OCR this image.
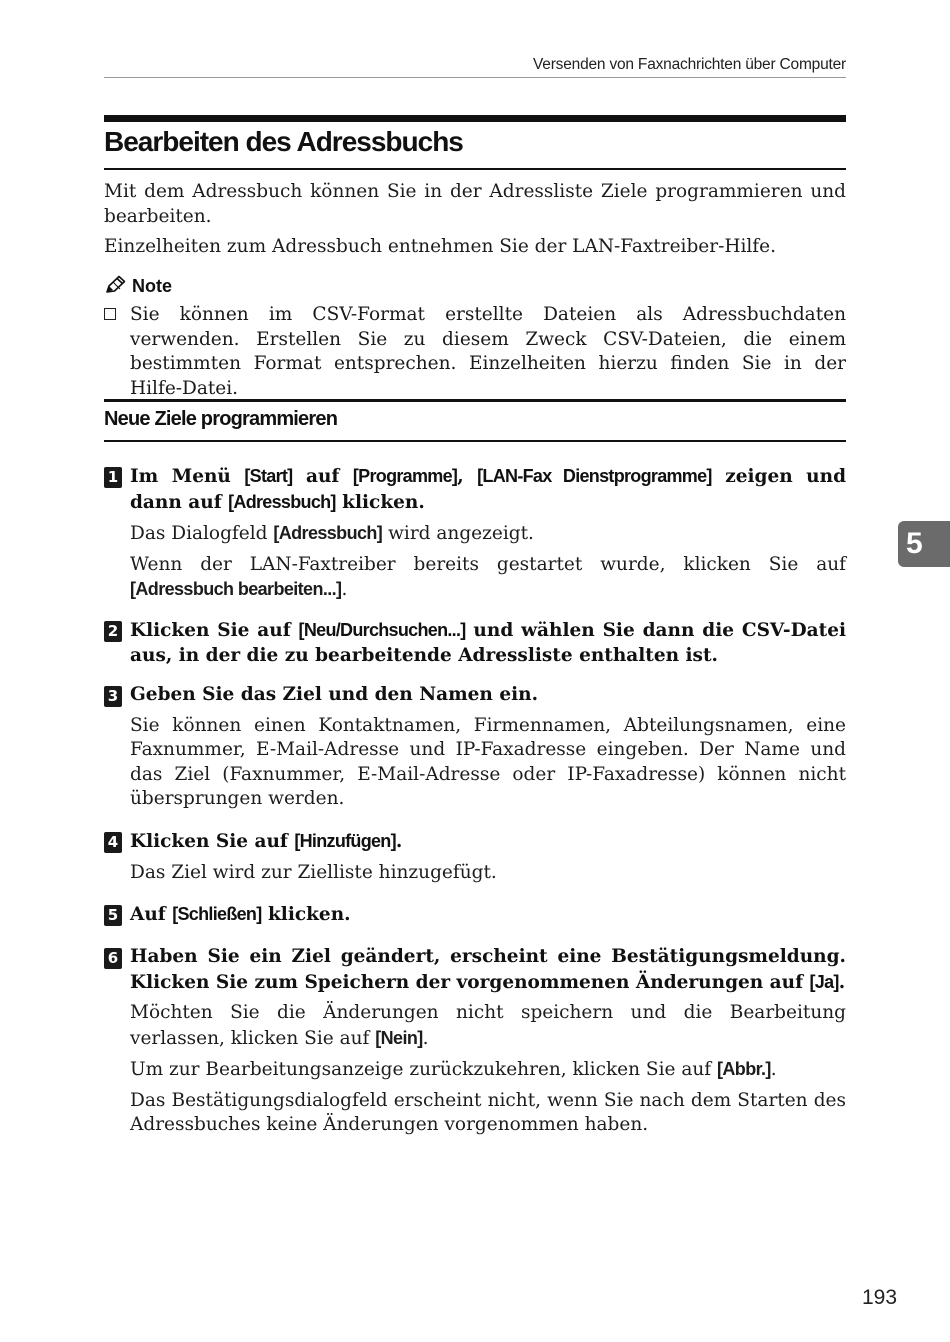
Versenden von Faxnachrichten über Computer
Bearbeiten des Adressbuchs

Mit dem Adressbuch können Sie in der Adressliste Ziele programmieren und bearbeiten.

Einzelheiten zum Adressbuch entnehmen Sie der LAN-Faxtreiber-Hilfe.

Note

Sie können im CSV-Format erstellte Dateien als Adressbuchdaten verwenden. Erstellen Sie zu diesem Zweck CSV-Dateien, die einem bestimmten Format entsprechen. Einzelheiten hierzu finden Sie in der Hilfe-Datei.

Neue Ziele programmieren
1 Im Menü [Start] auf [Programme], [LAN-Fax Dienstprogramme] zeigen und dann auf [Adressbuch] klicken.

Das Dialogfeld [Adressbuch] wird angezeigt.

Wenn der LAN-Faxtreiber bereits gestartet wurde, klicken Sie auf [Adressbuch bearbeiten...].

2 Klicken Sie auf [Neu/Durchsuchen...] und wählen Sie dann die CSV-Datei aus, in der die zu bearbeitende Adressliste enthalten ist.

3 Geben Sie das Ziel und den Namen ein.

Sie können einen Kontaktnamen, Firmennamen, Abteilungsnamen, eine Faxnummer, E-Mail-Adresse und IP-Faxadresse eingeben. Der Name und das Ziel (Faxnummer, E-Mail-Adresse oder IP-Faxadresse) können nicht übersprungen werden.

4 Klicken Sie auf [Hinzufügen].

Das Ziel wird zur Zielliste hinzugefügt.

5 Auf [Schließen] klicken.

6 Haben Sie ein Ziel geändert, erscheint eine Bestätigungsmeldung. Klicken Sie zum Speichern der vorgenommenen Änderungen auf [Ja].

Möchten Sie die Änderungen nicht speichern und die Bearbeitung verlassen, klicken Sie auf [Nein].

Um zur Bearbeitungsanzeige zurückzukehren, klicken Sie auf [Abbr.].

Das Bestätigungsdialogfeld erscheint nicht, wenn Sie nach dem Starten des Adressbuches keine Änderungen vorgenommen haben.

5
193
